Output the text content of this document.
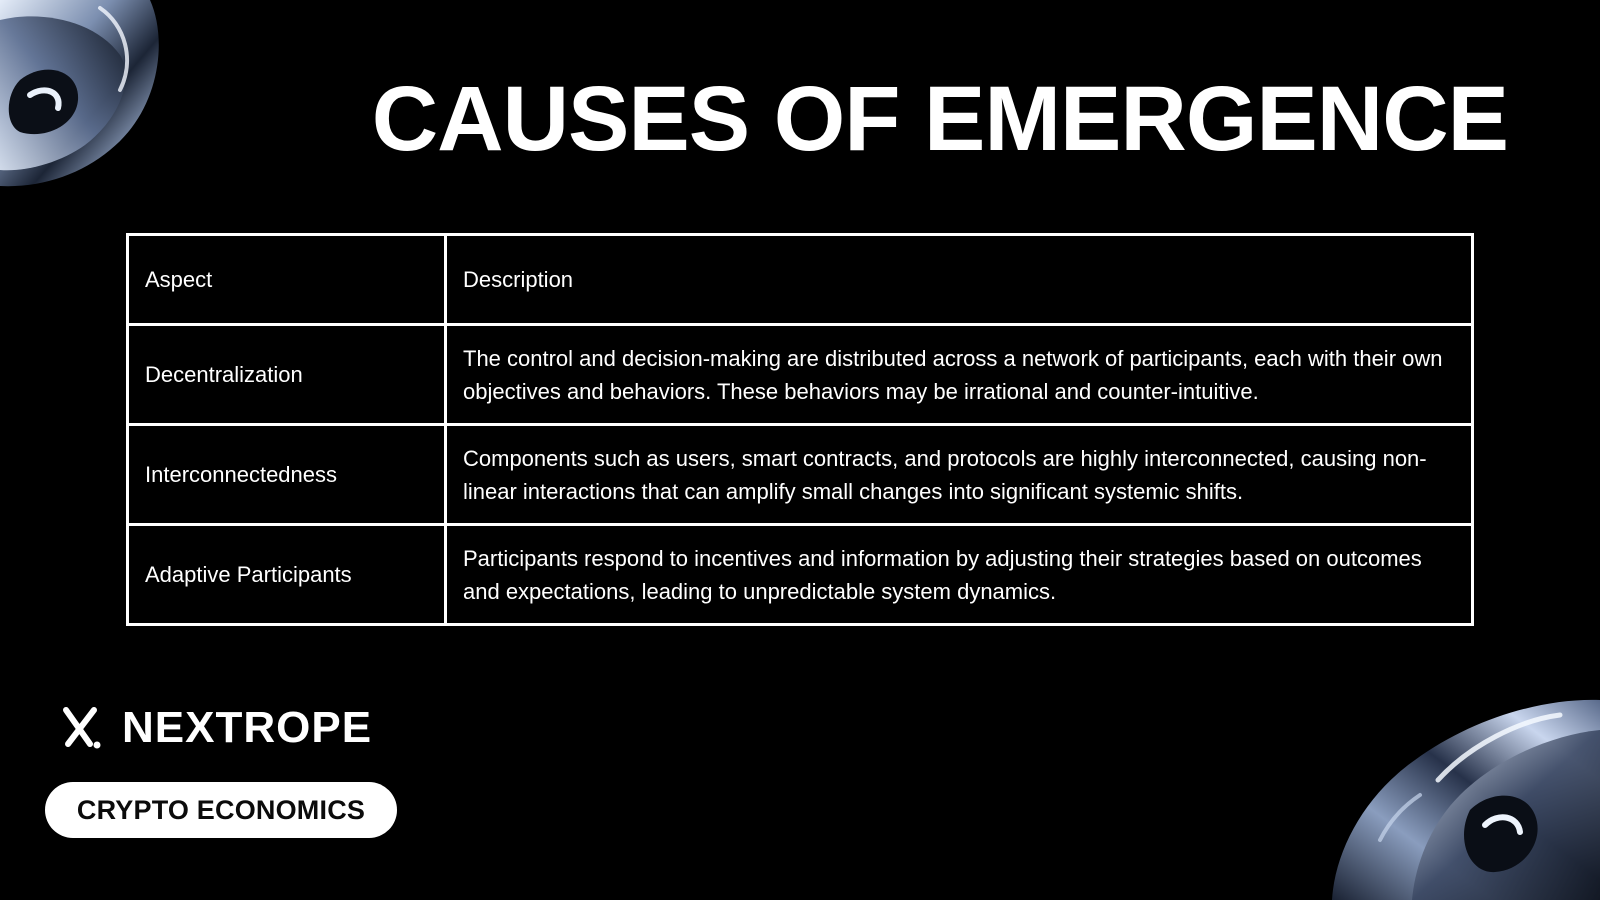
CAUSES OF EMERGENCE
Aspect	Description
Decentralization	The control and decision-making are distributed across a network of participants, each with their own objectives and behaviors. These behaviors may be irrational and counter-intuitive.
Interconnectedness	Components such as users, smart contracts, and protocols are highly interconnected, causing non-linear interactions that can amplify small changes into significant systemic shifts.
Adaptive Participants	Participants respond to incentives and information by adjusting their strategies based on outcomes and expectations, leading to unpredictable system dynamics.
NEXTROPE
CRYPTO ECONOMICS
